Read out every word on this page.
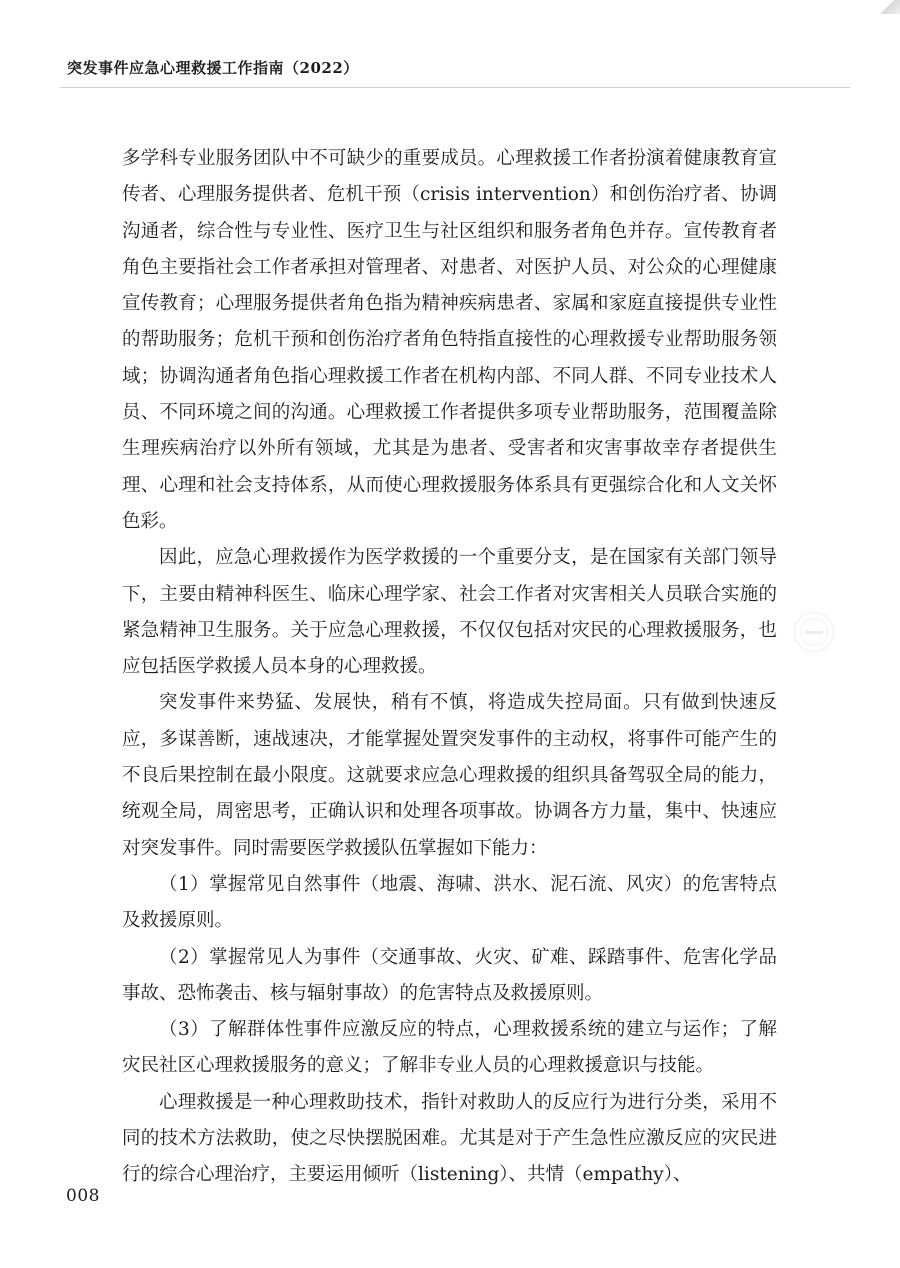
突发事件应急心理救援工作指南（2022）

多学科专业服务团队中不可缺少的重要成员。心理救援工作者扮演着健康教育宣传者、心理服务提供者、危机干预（crisis intervention）和创伤治疗者、协调沟通者，综合性与专业性、医疗卫生与社区组织和服务者角色并存。宣传教育者角色主要指社会工作者承担对管理者、对患者、对医护人员、对公众的心理健康宣传教育；心理服务提供者角色指为精神疾病患者、家属和家庭直接提供专业性的帮助服务；危机干预和创伤治疗者角色特指直接性的心理救援专业帮助服务领域；协调沟通者角色指心理救援工作者在机构内部、不同人群、不同专业技术人员、不同环境之间的沟通。心理救援工作者提供多项专业帮助服务，范围覆盖除生理疾病治疗以外所有领域，尤其是为患者、受害者和灾害事故幸存者提供生理、心理和社会支持体系，从而使心理救援服务体系具有更强综合化和人文关怀色彩。

因此，应急心理救援作为医学救援的一个重要分支，是在国家有关部门领导下，主要由精神科医生、临床心理学家、社会工作者对灾害相关人员联合实施的紧急精神卫生服务。关于应急心理救援，不仅仅包括对灾民的心理救援服务，也应包括医学救援人员本身的心理救援。

突发事件来势猛、发展快，稍有不慎，将造成失控局面。只有做到快速反应，多谋善断，速战速决，才能掌握处置突发事件的主动权，将事件可能产生的不良后果控制在最小限度。这就要求应急心理救援的组织具备驾驭全局的能力，统观全局，周密思考，正确认识和处理各项事故。协调各方力量，集中、快速应对突发事件。同时需要医学救援队伍掌握如下能力：

（1）掌握常见自然事件（地震、海啸、洪水、泥石流、风灾）的危害特点及救援原则。

（2）掌握常见人为事件（交通事故、火灾、矿难、踩踏事件、危害化学品事故、恐怖袭击、核与辐射事故）的危害特点及救援原则。

（3）了解群体性事件应激反应的特点，心理救援系统的建立与运作；了解灾民社区心理救援服务的意义；了解非专业人员的心理救援意识与技能。

心理救援是一种心理救助技术，指针对救助人的反应行为进行分类，采用不同的技术方法救助，使之尽快摆脱困难。尤其是对于产生急性应激反应的灾民进行的综合心理治疗，主要运用倾听（listening）、共情（empathy）、

008
